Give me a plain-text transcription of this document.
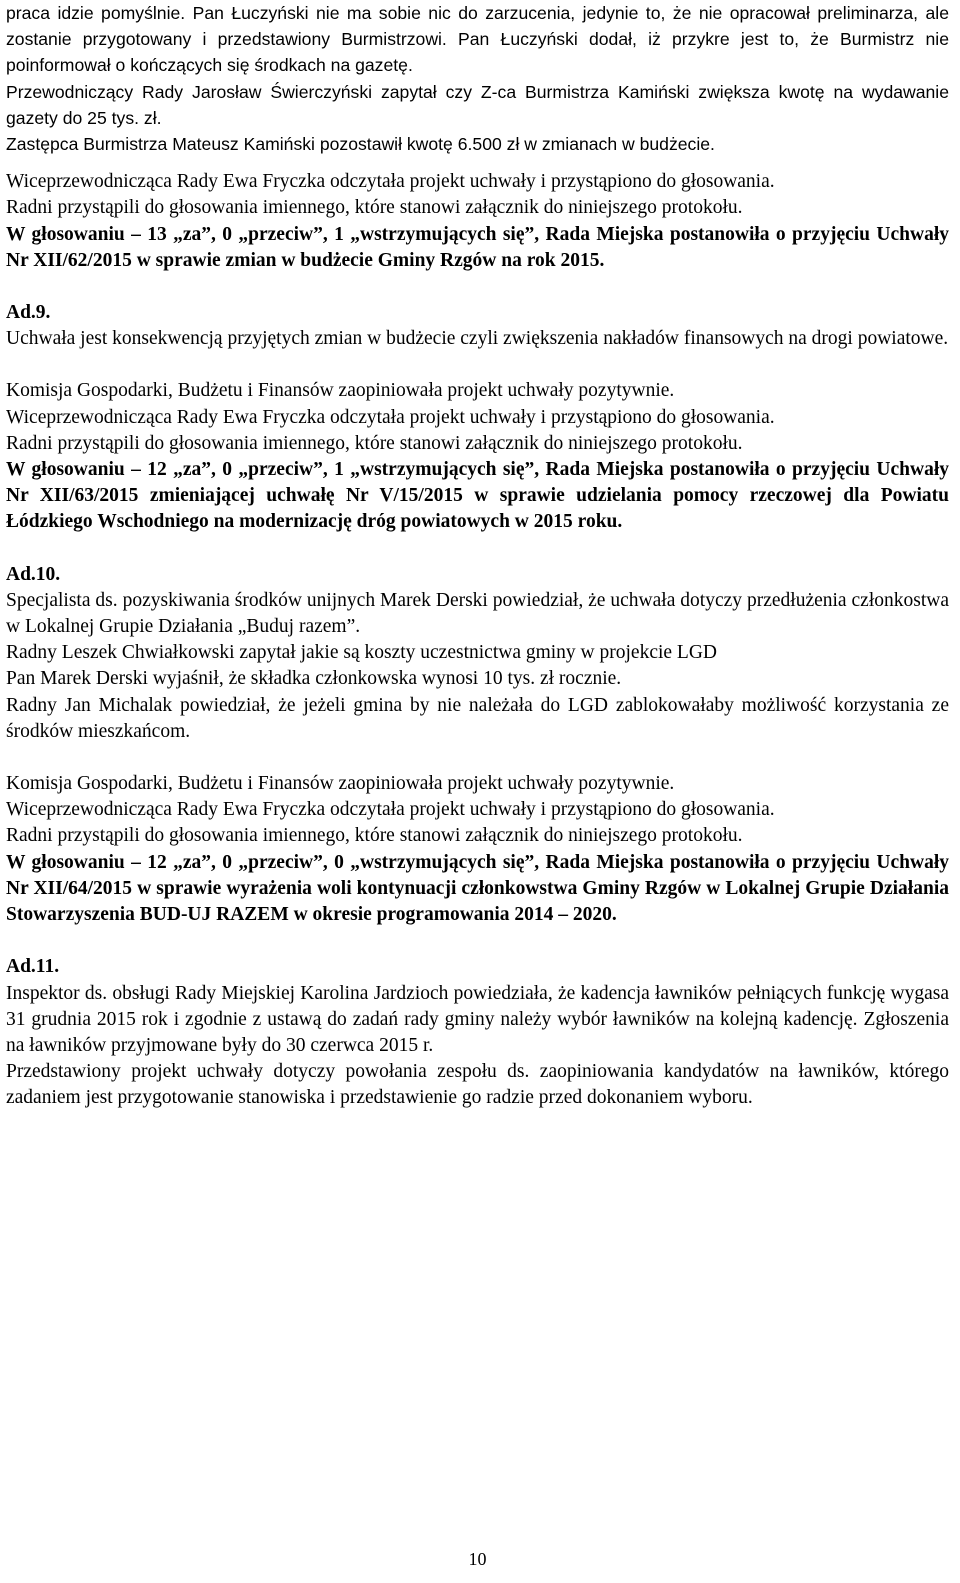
praca idzie pomyślnie. Pan Łuczyński nie ma sobie nic do zarzucenia, jedynie to, że nie opracował preliminarza, ale zostanie przygotowany i przedstawiony Burmistrzowi. Pan Łuczyński dodał, iż przykre jest to, że Burmistrz nie poinformował o kończących się środkach na gazetę.

Przewodniczący Rady Jarosław Świerczyński zapytał czy Z-ca Burmistrza Kamiński zwiększa kwotę na wydawanie gazety do 25 tys. zł.

Zastępca Burmistrza Mateusz Kamiński pozostawił kwotę 6.500 zł w zmianach w budżecie.

Wiceprzewodnicząca Rady Ewa Fryczka odczytała projekt uchwały i przystąpiono do głosowania.

Radni przystąpili do głosowania imiennego, które stanowi załącznik do niniejszego protokołu.

W głosowaniu – 13 „za”, 0 „przeciw”, 1 „wstrzymujących się”, Rada Miejska postanowiła o przyjęciu Uchwały Nr XII/62/2015 w sprawie zmian w budżecie Gminy Rzgów na rok 2015.

Ad.9.

Uchwała jest konsekwencją przyjętych zmian w budżecie czyli zwiększenia nakładów finansowych na drogi powiatowe.

Komisja Gospodarki, Budżetu i Finansów zaopiniowała projekt uchwały pozytywnie.

Wiceprzewodnicząca Rady Ewa Fryczka odczytała projekt uchwały i przystąpiono do głosowania.

Radni przystąpili do głosowania imiennego, które stanowi załącznik do niniejszego protokołu.

W głosowaniu – 12 „za”, 0 „przeciw”, 1 „wstrzymujących się”, Rada Miejska postanowiła o przyjęciu Uchwały Nr XII/63/2015 zmieniającej uchwałę Nr V/15/2015 w sprawie udzielania pomocy rzeczowej dla Powiatu Łódzkiego Wschodniego na modernizację dróg powiatowych w 2015 roku.

Ad.10.

Specjalista ds. pozyskiwania środków unijnych Marek Derski powiedział, że uchwała dotyczy przedłużenia członkostwa w Lokalnej Grupie Działania „Buduj razem”.

Radny Leszek Chwiałkowski zapytał jakie są koszty uczestnictwa gminy w projekcie LGD

Pan Marek Derski wyjaśnił, że składka członkowska wynosi 10 tys. zł rocznie.

Radny Jan Michalak powiedział, że jeżeli gmina by nie należała do LGD zablokowałaby możliwość korzystania ze środków mieszkańcom.

Komisja Gospodarki, Budżetu i Finansów zaopiniowała projekt uchwały pozytywnie.

Wiceprzewodnicząca Rady Ewa Fryczka odczytała projekt uchwały i przystąpiono do głosowania.

Radni przystąpili do głosowania imiennego, które stanowi załącznik do niniejszego protokołu.

W głosowaniu – 12 „za”, 0 „przeciw”, 0 „wstrzymujących się”, Rada Miejska postanowiła o przyjęciu Uchwały Nr XII/64/2015 w sprawie wyrażenia woli kontynuacji członkowstwa Gminy Rzgów w Lokalnej Grupie Działania Stowarzyszenia BUD-UJ RAZEM w okresie programowania 2014 – 2020.

Ad.11.

Inspektor ds. obsługi Rady Miejskiej Karolina Jardzioch powiedziała, że kadencja ławników pełniących funkcję wygasa 31 grudnia 2015 rok i zgodnie z ustawą do zadań rady gminy należy wybór ławników na kolejną kadencję. Zgłoszenia na ławników przyjmowane były do 30 czerwca 2015 r.

Przedstawiony projekt uchwały dotyczy powołania zespołu ds. zaopiniowania kandydatów na ławników, którego zadaniem jest przygotowanie stanowiska i przedstawienie go radzie przed dokonaniem wyboru.

10
